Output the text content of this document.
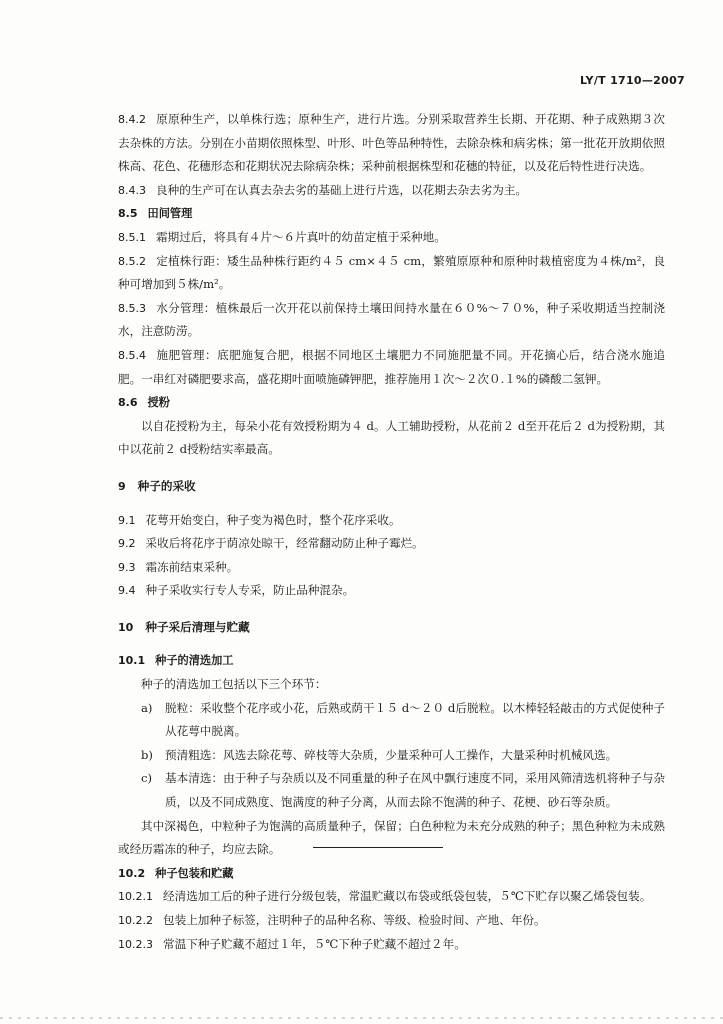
LY/T 1710—2007
8.4.2 原原种生产，以单株行选；原种生产，进行片选。分别采取营养生长期、开花期、种子成熟期３次去杂株的方法。分别在小苗期依照株型、叶形、叶色等品种特性，去除杂株和病劣株；第一批花开放期依照株高、花色、花穗形态和花期状况去除病杂株；采种前根据株型和花穗的特征，以及花后特性进行决选。
8.4.3 良种的生产可在认真去杂去劣的基础上进行片选，以花期去杂去劣为主。
8.5 田间管理
8.5.1 霜期过后，将具有４片～６片真叶的幼苗定植于采种地。
8.5.2 定植株行距：矮生品种株行距约４５ cm×４５ cm，繁殖原原种和原种时栽植密度为４株/m²，良种可增加到５株/m²。
8.5.3 水分管理：植株最后一次开花以前保持土壤田间持水量在６０%～７０%，种子采收期适当控制浇水，注意防涝。
8.5.4 施肥管理：底肥施复合肥，根据不同地区土壤肥力不同施肥量不同。开花摘心后，结合浇水施追肥。一串红对磷肥要求高，盛花期叶面喷施磷钾肥，推荐施用１次～２次０.１%的磷酸二氢钾。
8.6 授粉
以自花授粉为主，每朵小花有效授粉期为４ d。人工辅助授粉，从花前２ d至开花后２ d为授粉期，其中以花前２ d授粉结实率最高。
9 种子的采收
9.1 花萼开始变白，种子变为褐色时，整个花序采收。
9.2 采收后将花序于荫凉处晾干，经常翻动防止种子霉烂。
9.3 霜冻前结束采种。
9.4 种子采收实行专人专采，防止品种混杂。
10 种子采后清理与贮藏
10.1 种子的清选加工
种子的清选加工包括以下三个环节：
a) 脱粒：采收整个花序或小花，后熟或荫干１５ d～２０ d后脱粒。以木棒轻轻敲击的方式促使种子从花萼中脱离。
b) 预清粗选：风选去除花萼、碎枝等大杂质，少量采种可人工操作，大量采种时机械风选。
c) 基本清选：由于种子与杂质以及不同重量的种子在风中飘行速度不同，采用风筛清选机将种子与杂质，以及不同成熟度、饱满度的种子分离，从而去除不饱满的种子、花梗、砂石等杂质。
其中深褐色，中粒种子为饱满的高质量种子，保留；白色种粒为未充分成熟的种子；黑色种粒为未成熟或经历霜冻的种子，均应去除。
10.2 种子包装和贮藏
10.2.1 经清选加工后的种子进行分级包装，常温贮藏以布袋或纸袋包装，５℃下贮存以聚乙烯袋包装。
10.2.2 包装上加种子标签，注明种子的品种名称、等级、检验时间、产地、年份。
10.2.3 常温下种子贮藏不超过１年，５℃下种子贮藏不超过２年。
